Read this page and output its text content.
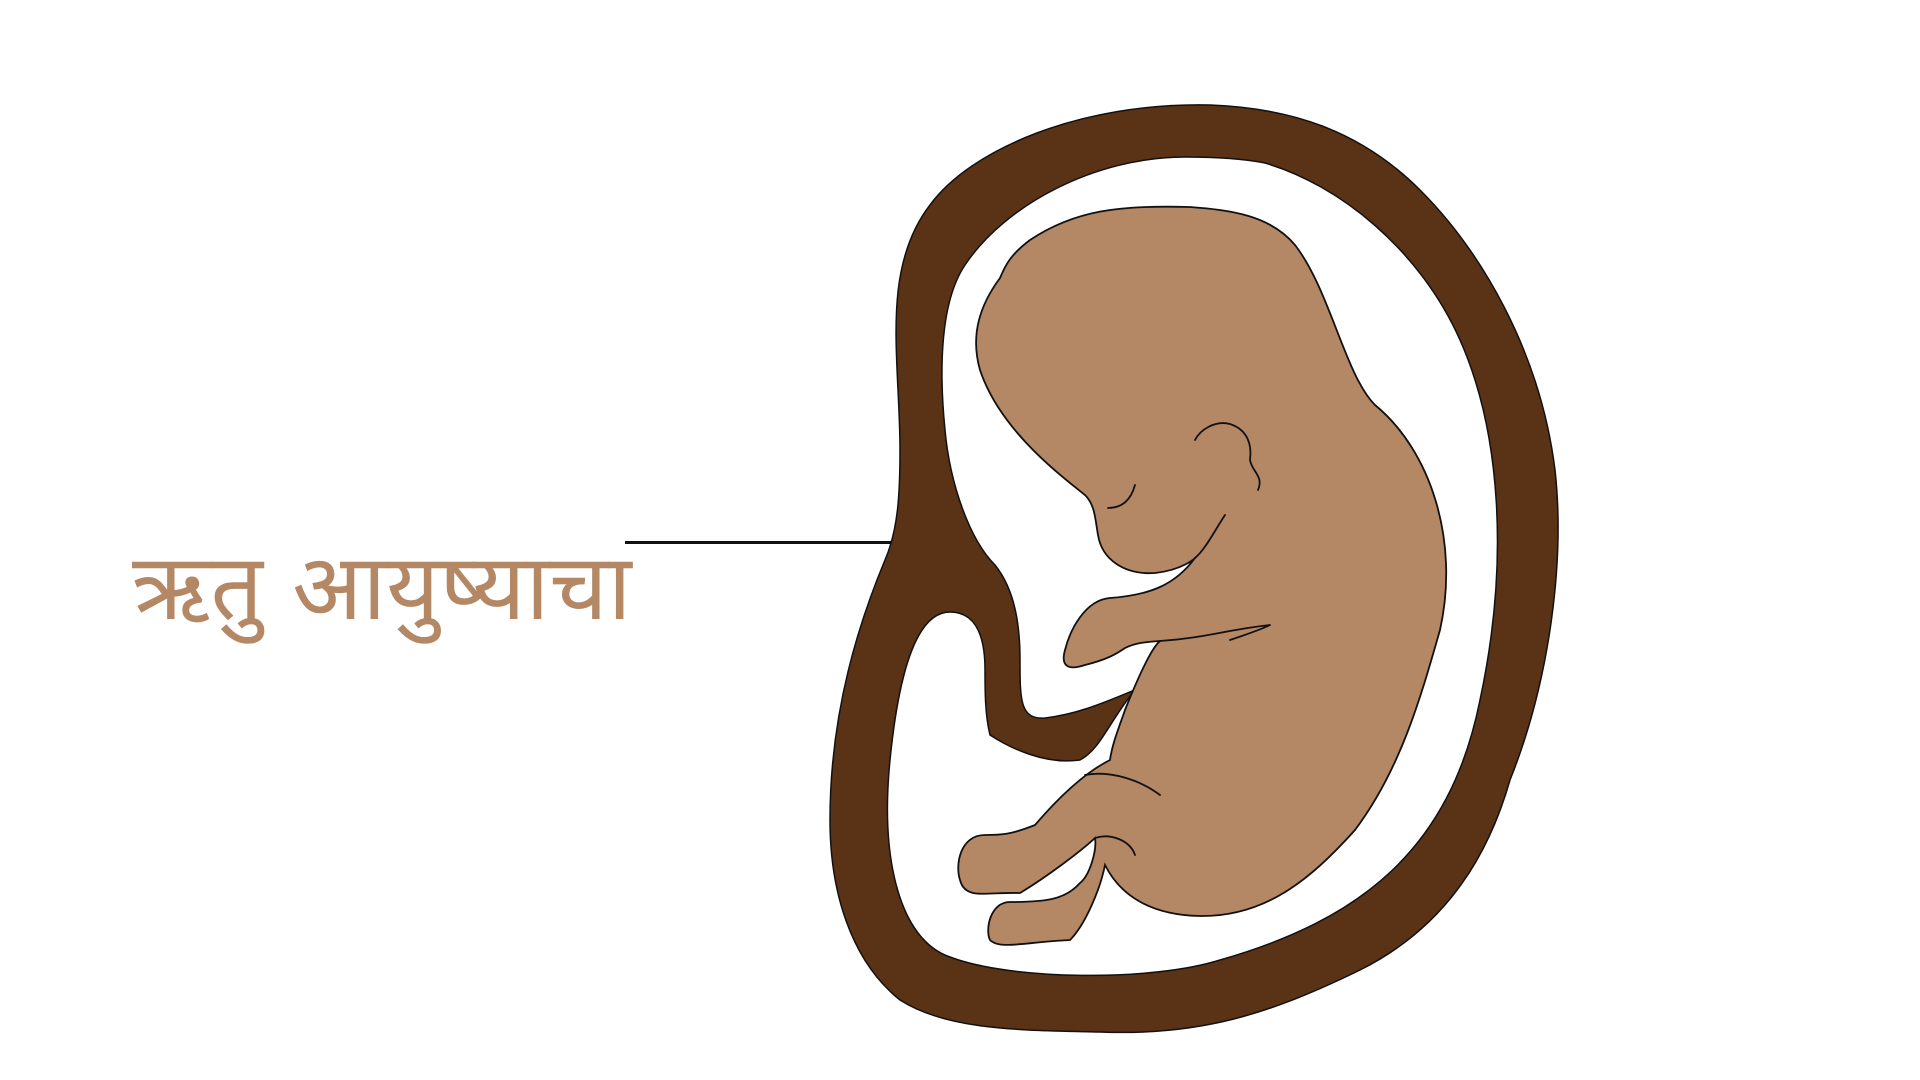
ऋतु आयुष्याचा
